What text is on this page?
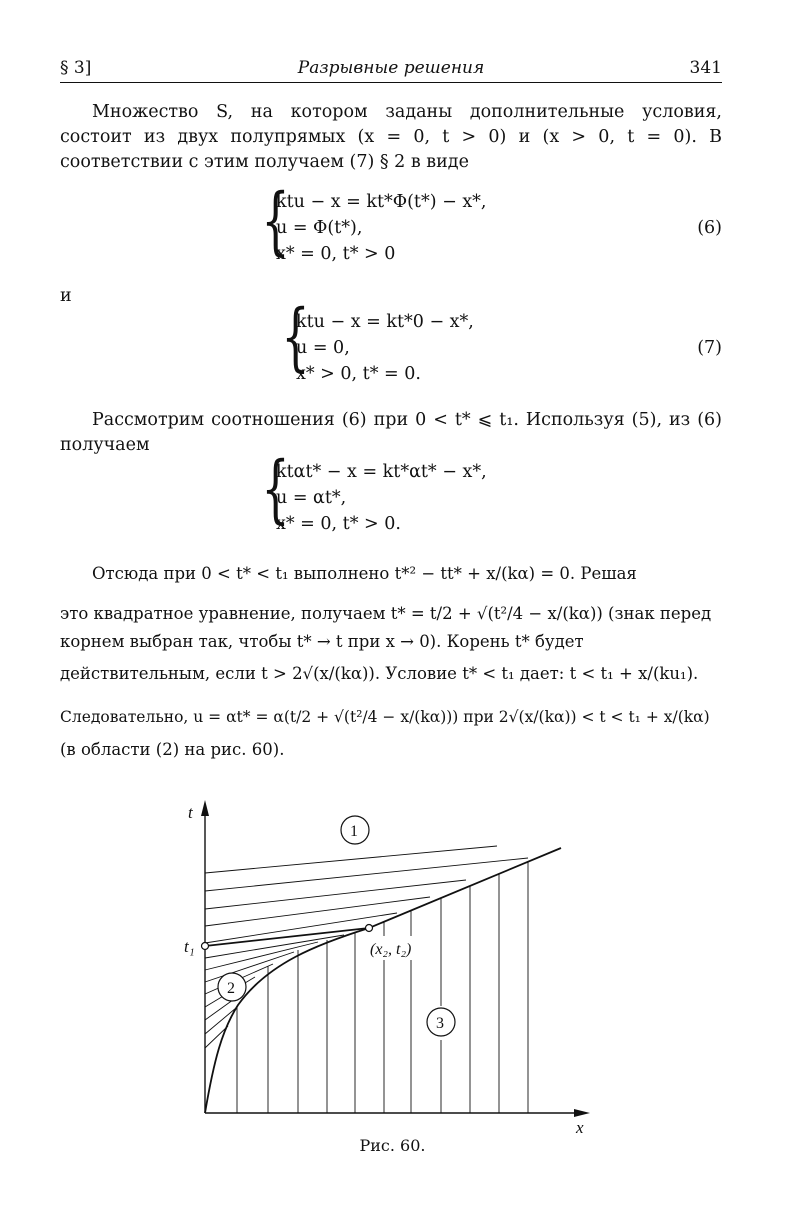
§ 3]	Разрывные решения	341
Множество S, на котором заданы дополнительные условия, состоит из двух полупрямых (x = 0, t > 0) и (x > 0, t = 0). В соответствии с этим получаем (7) § 2 в виде
{
ktu − x = kt*Φ(t*) − x*,
u = Φ(t*),
x* = 0, t* > 0
(6)
и	{
ktu − x = kt*0 − x*,
u = 0,
x* > 0, t* = 0.
(7)
Рассмотрим соотношения (6) при 0 < t* ⩽ t₁. Используя (5), из (6) получаем
{
ktαt* − x = kt*αt* − x*,
u = αt*,
x* = 0, t* > 0.
Отсюда при 0 < t* < t₁ выполнено t*² − tt* + x/(kα) = 0. Решая
это квадратное уравнение, получаем t* = t/2 + √(t²/4 − x/(kα)) (знак перед
корнем выбран так, чтобы t* → t при x → 0). Корень t* будет
действительным, если t > 2√(x/(kα)). Условие t* < t₁ дает: t < t₁ + x/(ku₁).
Следовательно, u = αt* = α(t/2 + √(t²/4 − x/(kα))) при 2√(x/(kα)) < t < t₁ + x/(kα)
(в области (2) на рис. 60).
t
x
t₁	(x₂, t₂)
1
2
3
Рис. 60.
